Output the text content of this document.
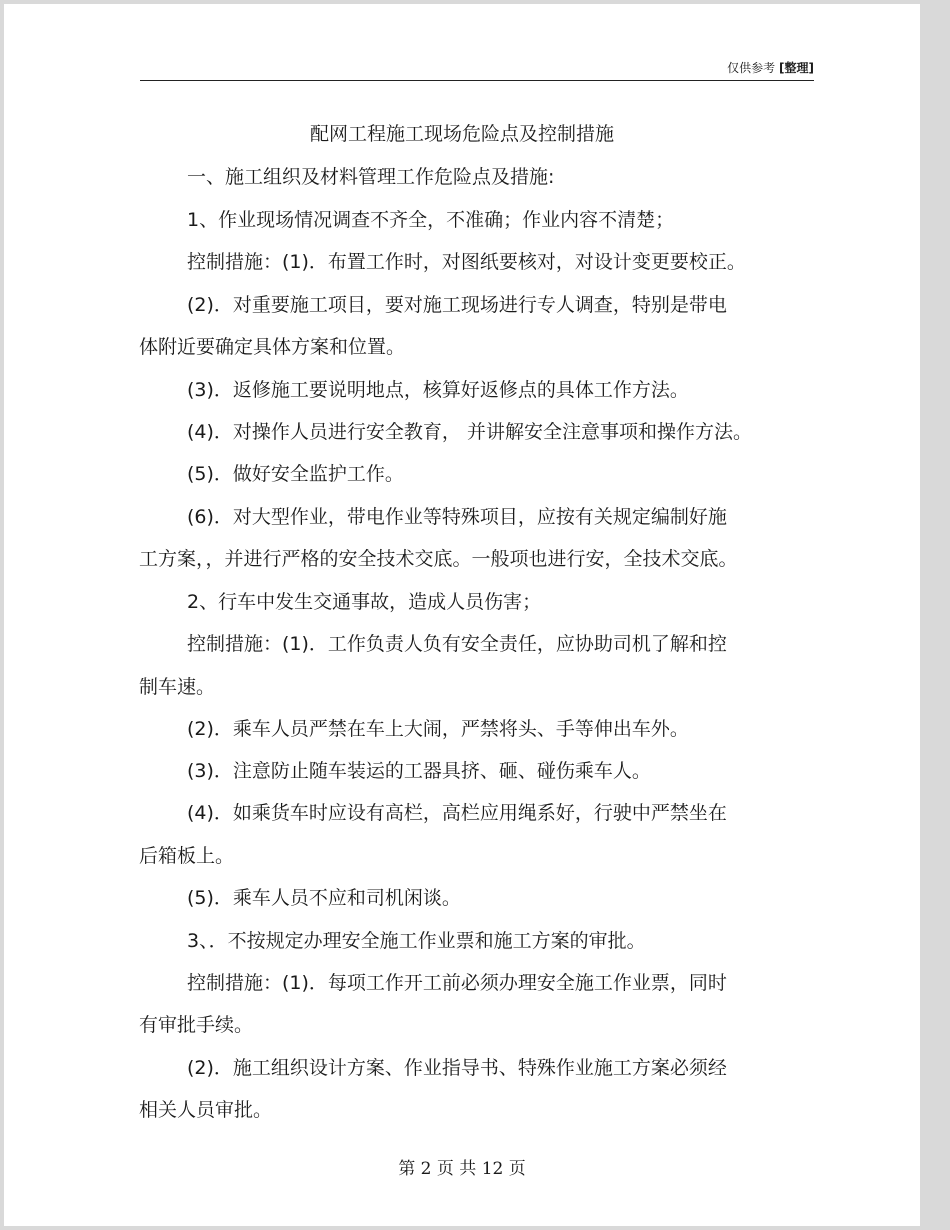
仅供参考 [整理]
配网工程施工现场危险点及控制措施
一、施工组织及材料管理工作危险点及措施:
1、作业现场情况调查不齐全，不准确；作业内容不清楚；
控制措施：(1)．布置工作时，对图纸要核对，对设计变更要校正。
(2)．对重要施工项目，要对施工现场进行专人调查，特别是带电
体附近要确定具体方案和位置。
(3)．返修施工要说明地点，核算好返修点的具体工作方法。
(4)．对操作人员进行安全教育， 并讲解安全注意事项和操作方法。
(5)．做好安全监护工作。
(6)．对大型作业，带电作业等特殊项目，应按有关规定编制好施
工方案，，并进行严格的安全技术交底。一般项也进行安，全技术交底。
2、行车中发生交通事故，造成人员伤害；
控制措施：(1)．工作负责人负有安全责任，应协助司机了解和控
制车速。
(2)．乘车人员严禁在车上大闹，严禁将头、手等伸出车外。
(3)．注意防止随车装运的工器具挤、砸、碰伤乘车人。
(4)．如乘货车时应设有高栏，高栏应用绳系好，行驶中严禁坐在
后箱板上。
(5)．乘车人员不应和司机闲谈。
3、．不按规定办理安全施工作业票和施工方案的审批。
控制措施：(1)．每项工作开工前必须办理安全施工作业票，同时
有审批手续。
(2)．施工组织设计方案、作业指导书、特殊作业施工方案必须经
相关人员审批。
第 2 页 共 12 页
